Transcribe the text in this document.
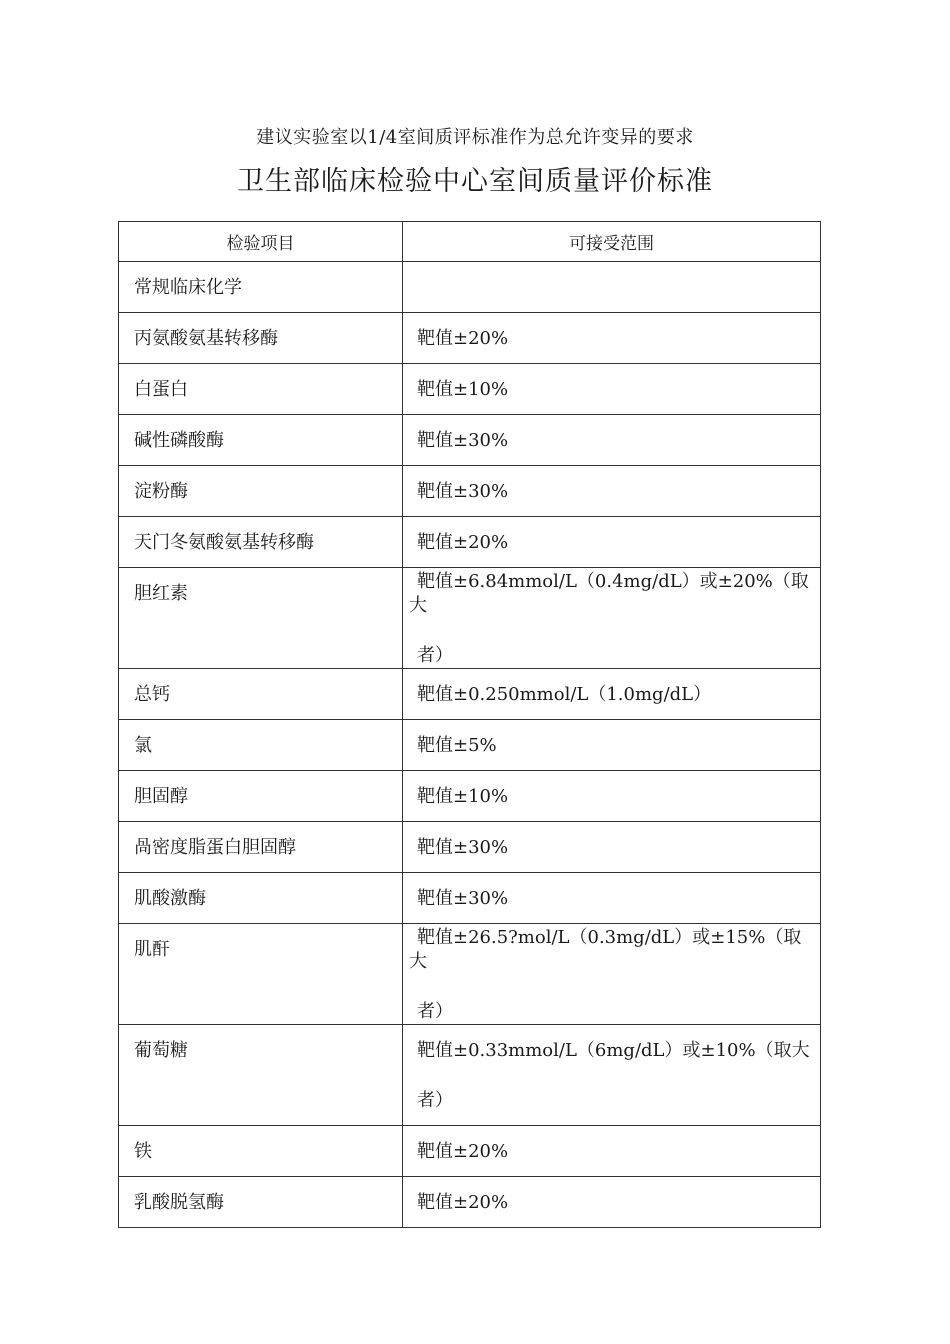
建议实验室以1/4室间质评标准作为总允许变异的要求
卫生部临床检验中心室间质量评价标准
检验项目	可接受范围

常规临床化学	

丙氨酸氨基转移酶	靶值±20%

白蛋白	靶值±10%

碱性磷酸酶	靶值±30%

淀粉酶	靶值±30%

天门冬氨酸氨基转移酶	靶值±20%

胆红素	靶值±6.84mmol/L（0.4mg/dL）或±20%（取
大
者）

总钙	靶值±0.250mmol/L（1.0mg/dL）

氯	靶值±5%

胆固醇	靶值±10%

咼密度脂蛋白胆固醇	靶值±30%

肌酸激酶	靶值±30%

肌酐	靶值±26.5?mol/L（0.3mg/dL）或±15%（取
大
者）

葡萄糖	靶值±0.33mmol/L（6mg/dL）或±10%（取大
者）

铁	靶值±20%

乳酸脱氢酶	靶值±20%
